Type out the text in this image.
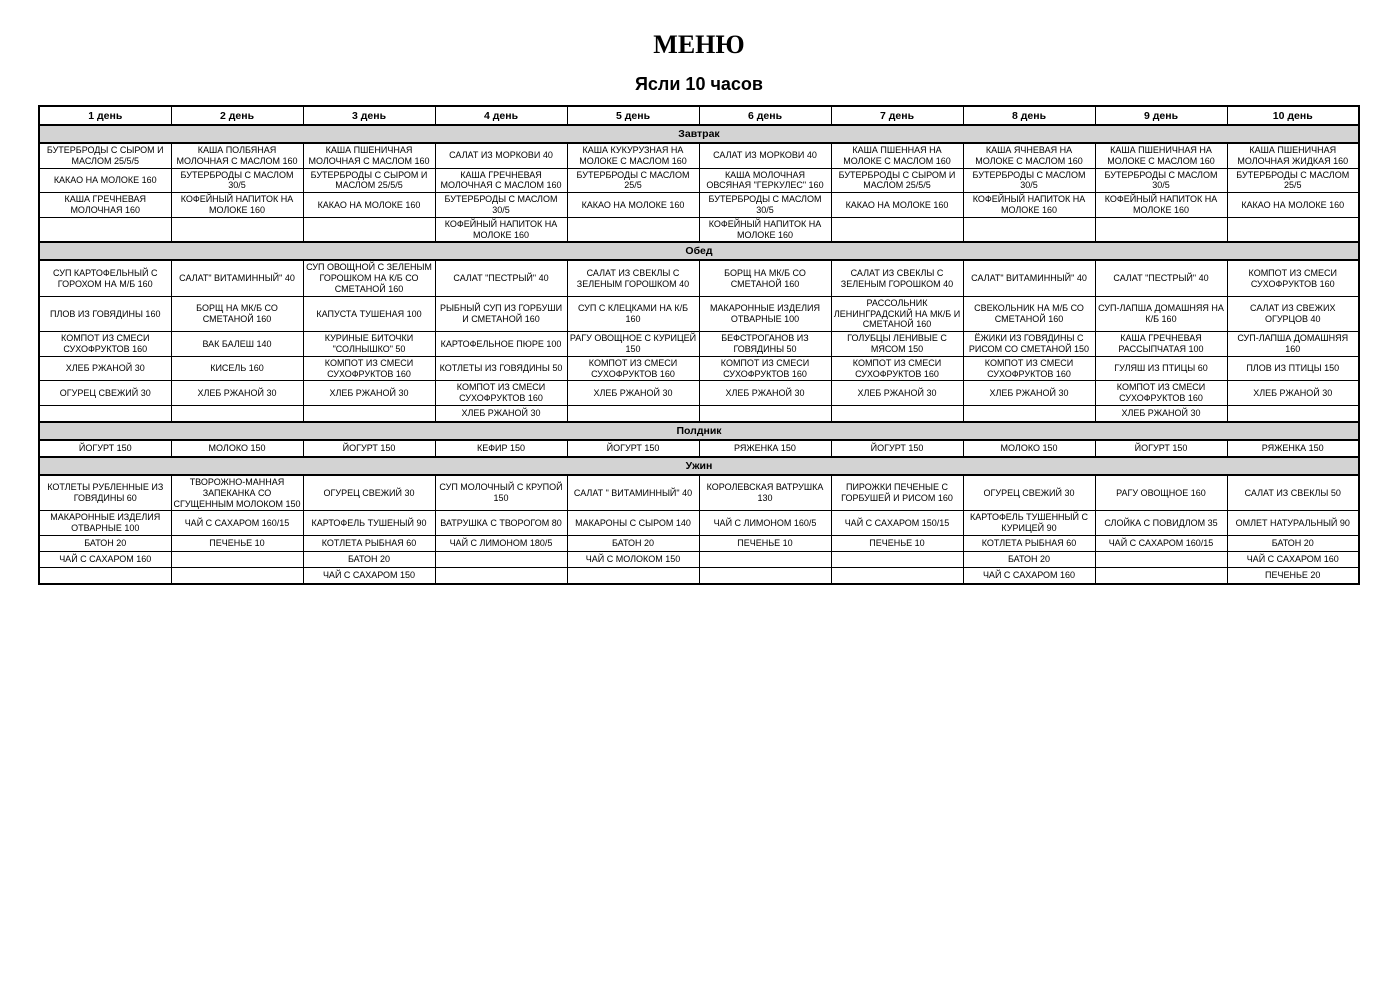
МЕНЮ
Ясли 10 часов
1 день	2 день	3 день	4 день	5 день	6 день	7 день	8 день	9 день	10 день
Завтрак									
БУТЕРБРОДЫ С СЫРОМ И МАСЛОМ 25/5/5	КАША ПОЛБЯНАЯ МОЛОЧНАЯ С МАСЛОМ 160	КАША ПШЕНИЧНАЯ МОЛОЧНАЯ С МАСЛОМ 160	САЛАТ ИЗ МОРКОВИ 40	КАША КУКУРУЗНАЯ НА МОЛОКЕ С МАСЛОМ 160	САЛАТ ИЗ МОРКОВИ 40	КАША ПШЕННАЯ НА МОЛОКЕ С МАСЛОМ 160	КАША ЯЧНЕВАЯ НА МОЛОКЕ С МАСЛОМ 160	КАША ПШЕНИЧНАЯ НА МОЛОКЕ С МАСЛОМ 160	КАША ПШЕНИЧНАЯ МОЛОЧНАЯ ЖИДКАЯ 160
КАКАО НА МОЛОКЕ 160	БУТЕРБРОДЫ С МАСЛОМ 30/5	БУТЕРБРОДЫ С СЫРОМ И МАСЛОМ 25/5/5	КАША ГРЕЧНЕВАЯ МОЛОЧНАЯ С МАСЛОМ 160	БУТЕРБРОДЫ С МАСЛОМ 25/5	КАША МОЛОЧНАЯ ОВСЯНАЯ "ГЕРКУЛЕС" 160	БУТЕРБРОДЫ С СЫРОМ И МАСЛОМ 25/5/5	БУТЕРБРОДЫ С МАСЛОМ 30/5	БУТЕРБРОДЫ С МАСЛОМ 30/5	БУТЕРБРОДЫ С МАСЛОМ 25/5
КАША ГРЕЧНЕВАЯ МОЛОЧНАЯ 160	КОФЕЙНЫЙ НАПИТОК НА МОЛОКЕ 160	КАКАО НА МОЛОКЕ 160	БУТЕРБРОДЫ С МАСЛОМ 30/5	КАКАО НА МОЛОКЕ 160	БУТЕРБРОДЫ С МАСЛОМ 30/5	КАКАО НА МОЛОКЕ 160	КОФЕЙНЫЙ НАПИТОК НА МОЛОКЕ 160	КОФЕЙНЫЙ НАПИТОК НА МОЛОКЕ 160	КАКАО НА МОЛОКЕ 160
			КОФЕЙНЫЙ НАПИТОК НА МОЛОКЕ 160		КОФЕЙНЫЙ НАПИТОК НА МОЛОКЕ 160				
Обед									
СУП КАРТОФЕЛЬНЫЙ С ГОРОХОМ НА М/Б 160	САЛАТ" ВИТАМИННЫЙ" 40	СУП ОВОЩНОЙ С ЗЕЛЕНЫМ ГОРОШКОМ НА К/Б СО СМЕТАНОЙ 160	САЛАТ "ПЕСТРЫЙ" 40	САЛАТ ИЗ СВЕКЛЫ С ЗЕЛЕНЫМ ГОРОШКОМ 40	БОРЩ НА МК/Б СО СМЕТАНОЙ 160	САЛАТ ИЗ СВЕКЛЫ С ЗЕЛЕНЫМ ГОРОШКОМ 40	САЛАТ" ВИТАМИННЫЙ" 40	САЛАТ "ПЕСТРЫЙ" 40	КОМПОТ ИЗ СМЕСИ СУХОФРУКТОВ 160
ПЛОВ ИЗ ГОВЯДИНЫ 160	БОРЩ НА МК/Б СО СМЕТАНОЙ 160	КАПУСТА ТУШЕНАЯ 100	РЫБНЫЙ СУП ИЗ ГОРБУШИ И СМЕТАНОЙ 160	СУП С КЛЕЦКАМИ НА К/Б 160	МАКАРОННЫЕ ИЗДЕЛИЯ ОТВАРНЫЕ 100	РАССОЛЬНИК ЛЕНИНГРАДСКИЙ НА МК/Б И СМЕТАНОЙ 160	СВЕКОЛЬНИК НА М/Б СО СМЕТАНОЙ 160	СУП-ЛАПША ДОМАШНЯЯ НА К/Б 160	САЛАТ ИЗ СВЕЖИХ ОГУРЦОВ 40
КОМПОТ ИЗ СМЕСИ СУХОФРУКТОВ 160	ВАК БАЛЕШ 140	КУРИНЫЕ БИТОЧКИ "СОЛНЫШКО" 50	КАРТОФЕЛЬНОЕ ПЮРЕ 100	РАГУ ОВОЩНОЕ С КУРИЦЕЙ 150	БЕФСТРОГАНОВ ИЗ ГОВЯДИНЫ 50	ГОЛУБЦЫ ЛЕНИВЫЕ С МЯСОМ 150	ЁЖИКИ ИЗ ГОВЯДИНЫ С РИСОМ СО СМЕТАНОЙ 150	КАША ГРЕЧНЕВАЯ РАССЫПЧАТАЯ 100	СУП-ЛАПША ДОМАШНЯЯ 160
ХЛЕБ РЖАНОЙ 30	КИСЕЛЬ 160	КОМПОТ ИЗ СМЕСИ СУХОФРУКТОВ 160	КОТЛЕТЫ ИЗ ГОВЯДИНЫ 50	КОМПОТ ИЗ СМЕСИ СУХОФРУКТОВ 160	КОМПОТ ИЗ СМЕСИ СУХОФРУКТОВ 160	КОМПОТ ИЗ СМЕСИ СУХОФРУКТОВ 160	КОМПОТ ИЗ СМЕСИ СУХОФРУКТОВ 160	ГУЛЯШ ИЗ ПТИЦЫ 60	ПЛОВ ИЗ ПТИЦЫ 150
ОГУРЕЦ СВЕЖИЙ 30	ХЛЕБ РЖАНОЙ 30	ХЛЕБ РЖАНОЙ 30	КОМПОТ ИЗ СМЕСИ СУХОФРУКТОВ 160	ХЛЕБ РЖАНОЙ 30	ХЛЕБ РЖАНОЙ 30	ХЛЕБ РЖАНОЙ 30	ХЛЕБ РЖАНОЙ 30	КОМПОТ ИЗ СМЕСИ СУХОФРУКТОВ 160	ХЛЕБ РЖАНОЙ 30
			ХЛЕБ РЖАНОЙ 30					ХЛЕБ РЖАНОЙ 30	
Полдник									
ЙОГУРТ 150	МОЛОКО 150	ЙОГУРТ 150	КЕФИР 150	ЙОГУРТ 150	РЯЖЕНКА 150	ЙОГУРТ 150	МОЛОКО 150	ЙОГУРТ 150	РЯЖЕНКА 150
Ужин									
КОТЛЕТЫ РУБЛЕННЫЕ ИЗ ГОВЯДИНЫ 60	ТВОРОЖНО-МАННАЯ ЗАПЕКАНКА СО СГУЩЕННЫМ МОЛОКОМ 150	ОГУРЕЦ СВЕЖИЙ 30	СУП МОЛОЧНЫЙ С КРУПОЙ 150	САЛАТ " ВИТАМИННЫЙ" 40	КОРОЛЕВСКАЯ ВАТРУШКА 130	ПИРОЖКИ ПЕЧЕНЫЕ С ГОРБУШЕЙ И РИСОМ 160	ОГУРЕЦ СВЕЖИЙ 30	РАГУ ОВОЩНОЕ 160	САЛАТ ИЗ СВЕКЛЫ 50
МАКАРОННЫЕ ИЗДЕЛИЯ ОТВАРНЫЕ 100	ЧАЙ С САХАРОМ 160/15	КАРТОФЕЛЬ ТУШЕНЫЙ 90	ВАТРУШКА С ТВОРОГОМ 80	МАКАРОНЫ С СЫРОМ 140	ЧАЙ С ЛИМОНОМ 160/5	ЧАЙ С САХАРОМ 150/15	КАРТОФЕЛЬ ТУШЕННЫЙ С КУРИЦЕЙ 90	СЛОЙКА С ПОВИДЛОМ 35	ОМЛЕТ НАТУРАЛЬНЫЙ 90
БАТОН 20	ПЕЧЕНЬЕ 10	КОТЛЕТА РЫБНАЯ 60	ЧАЙ С ЛИМОНОМ 180/5	БАТОН 20	ПЕЧЕНЬЕ 10	ПЕЧЕНЬЕ 10	КОТЛЕТА РЫБНАЯ 60	ЧАЙ С САХАРОМ 160/15	БАТОН 20
ЧАЙ С САХАРОМ 160		БАТОН 20		ЧАЙ С МОЛОКОМ 150			БАТОН 20		ЧАЙ С САХАРОМ 160
		ЧАЙ С САХАРОМ 150					ЧАЙ С САХАРОМ 160		ПЕЧЕНЬЕ 20
